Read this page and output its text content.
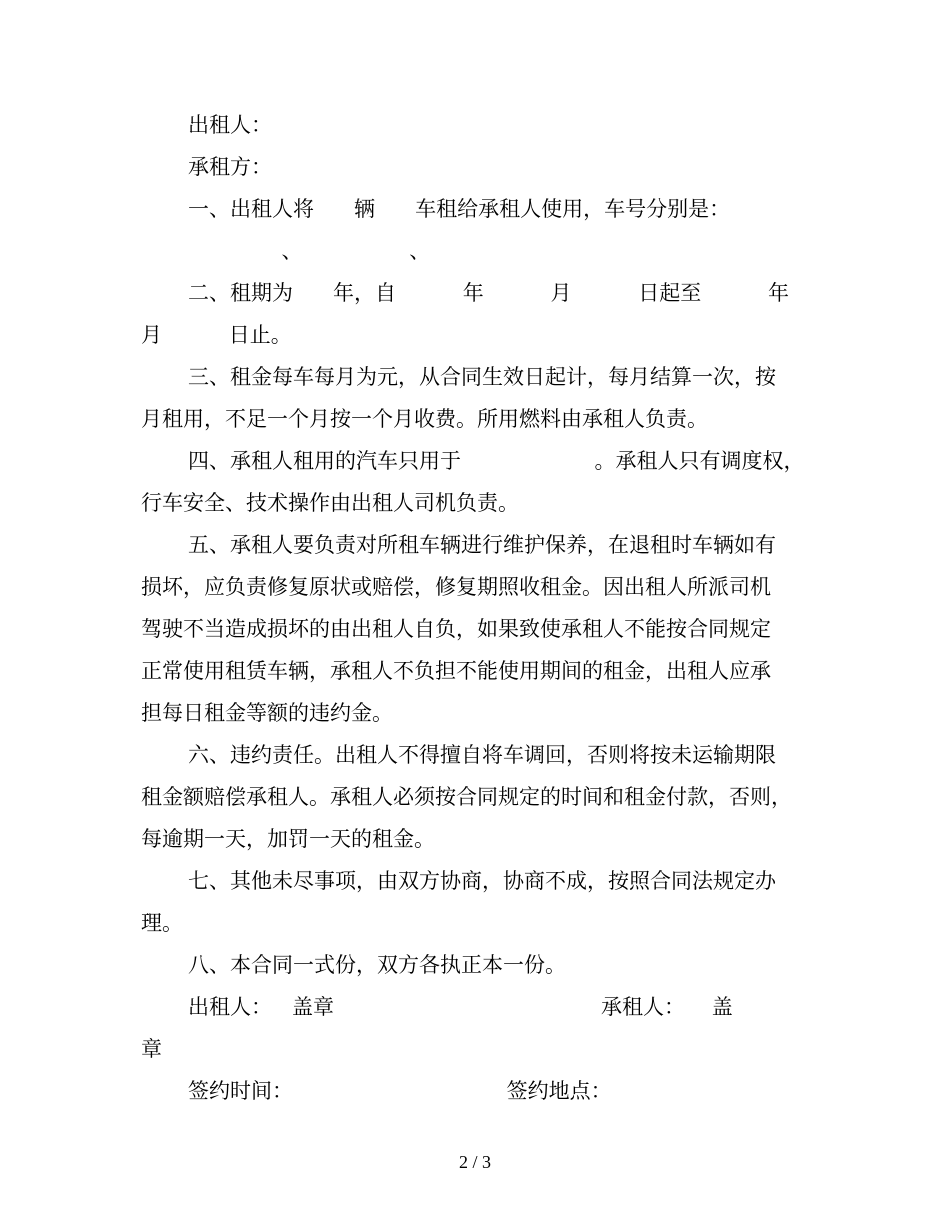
出租人：
承租方：
一、出租人将      辆      车租给承租人使用，车号分别是：
、                、
二、租期为      年，自          年          月          日起至          年
月          日止。
三、租金每车每月为元，从合同生效日起计，每月结算一次，按
月租用，不足一个月按一个月收费。所用燃料由承租人负责。
四、承租人租用的汽车只用于                    。承租人只有调度权，
行车安全、技术操作由出租人司机负责。
五、承租人要负责对所租车辆进行维护保养，在退租时车辆如有
损坏，应负责修复原状或赔偿，修复期照收租金。因出租人所派司机
驾驶不当造成损坏的由出租人自负，如果致使承租人不能按合同规定
正常使用租赁车辆，承租人不负担不能使用期间的租金，出租人应承
担每日租金等额的违约金。
六、违约责任。出租人不得擅自将车调回，否则将按未运输期限
租金额赔偿承租人。承租人必须按合同规定的时间和租金付款，否则，
每逾期一天，加罚一天的租金。
七、其他未尽事项，由双方协商，协商不成，按照合同法规定办
理。
八、本合同一式份，双方各执正本一份。
出租人：   盖章                                        承租人：    盖
章
签约时间：                                签约地点：
2 / 3
